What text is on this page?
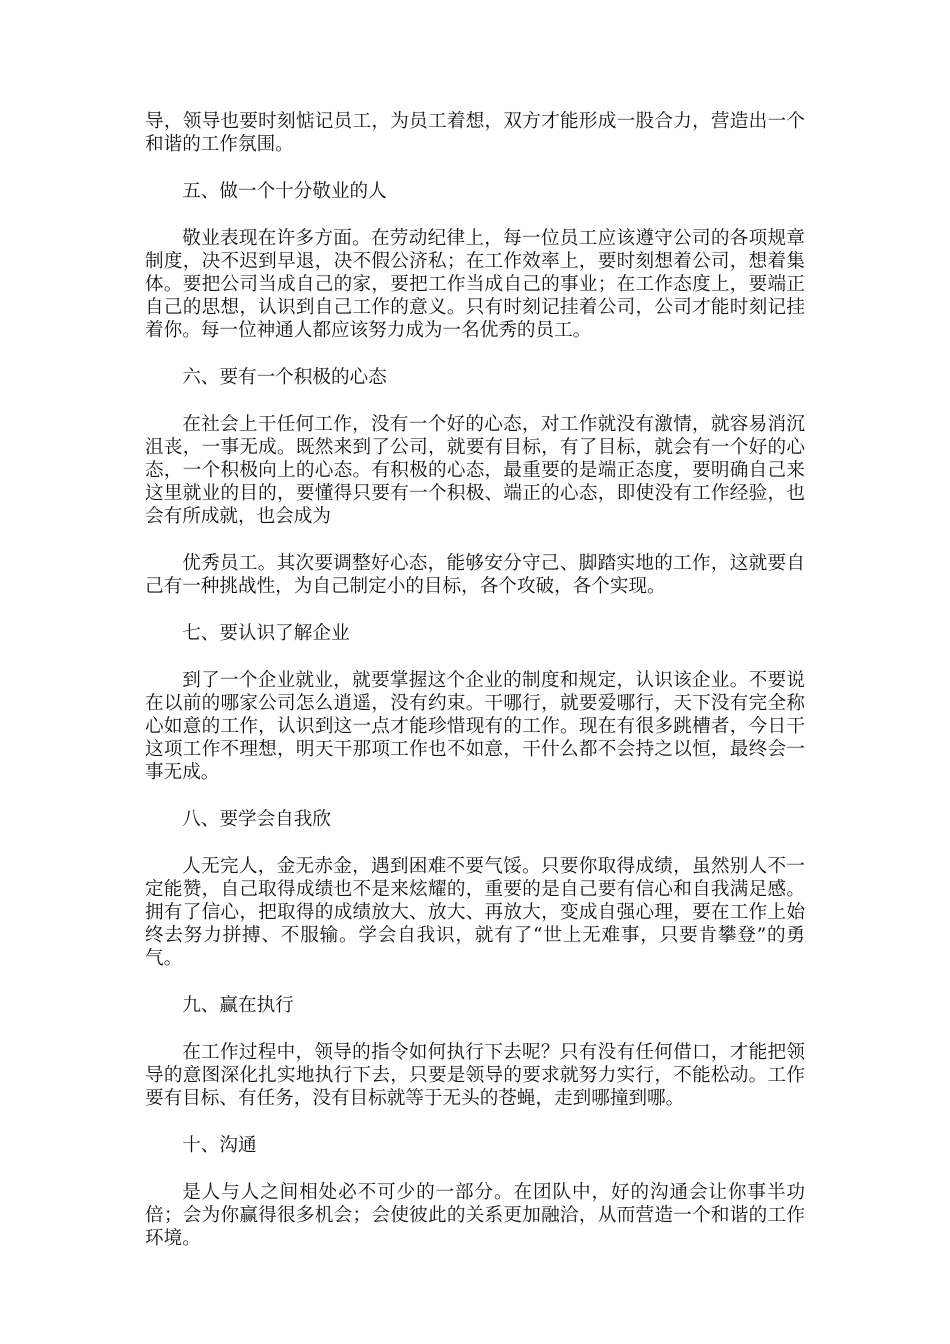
导，领导也要时刻惦记员工，为员工着想，双方才能形成一股合力，营造出一个和谐的工作氛围。

五、做一个十分敬业的人

敬业表现在许多方面。在劳动纪律上，每一位员工应该遵守公司的各项规章制度，决不迟到早退，决不假公济私；在工作效率上，要时刻想着公司，想着集体。要把公司当成自己的家，要把工作当成自己的事业；在工作态度上，要端正自己的思想，认识到自己工作的意义。只有时刻记挂着公司，公司才能时刻记挂着你。每一位神通人都应该努力成为一名优秀的员工。

六、要有一个积极的心态

在社会上干任何工作，没有一个好的心态，对工作就没有激情，就容易消沉沮丧，一事无成。既然来到了公司，就要有目标，有了目标，就会有一个好的心态，一个积极向上的心态。有积极的心态，最重要的是端正态度，要明确自己来这里就业的目的，要懂得只要有一个积极、端正的心态，即使没有工作经验，也会有所成就，也会成为

优秀员工。其次要调整好心态，能够安分守己、脚踏实地的工作，这就要自己有一种挑战性，为自己制定小的目标，各个攻破，各个实现。

七、要认识了解企业

到了一个企业就业，就要掌握这个企业的制度和规定，认识该企业。不要说在以前的哪家公司怎么逍遥，没有约束。干哪行，就要爱哪行，天下没有完全称心如意的工作，认识到这一点才能珍惜现有的工作。现在有很多跳槽者，今日干这项工作不理想，明天干那项工作也不如意，干什么都不会持之以恒，最终会一事无成。

八、要学会自我欣

人无完人，金无赤金，遇到困难不要气馁。只要你取得成绩，虽然别人不一定能赞，自己取得成绩也不是来炫耀的，重要的是自己要有信心和自我满足感。拥有了信心，把取得的成绩放大、放大、再放大，变成自强心理，要在工作上始终去努力拼搏、不服输。学会自我识，就有了“世上无难事，只要肯攀登”的勇气。

九、赢在执行

在工作过程中，领导的指令如何执行下去呢？只有没有任何借口，才能把领导的意图深化扎实地执行下去，只要是领导的要求就努力实行，不能松动。工作要有目标、有任务，没有目标就等于无头的苍蝇，走到哪撞到哪。

十、沟通

是人与人之间相处必不可少的一部分。在团队中，好的沟通会让你事半功倍；会为你赢得很多机会；会使彼此的关系更加融洽，从而营造一个和谐的工作环境。
